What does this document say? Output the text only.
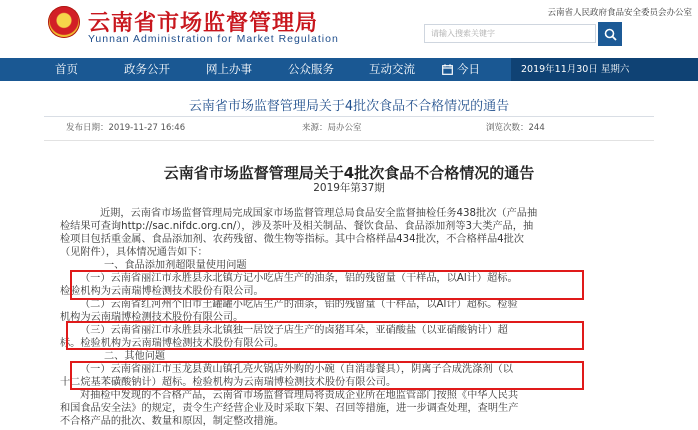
云南省市场监督管理局
Yunnan Administration for Market Regulation
云南省人民政府食品安全委员会办公室
请输入搜索关键字
首页	政务公开	网上办事	公众服务	互动交流	今日	2019年11月30日 星期六
云南省市场监督管理局关于4批次食品不合格情况的通告
发布日期：2019-11-27 16:46	来源：局办公室	浏览次数：244
云南省市场监督管理局关于4批次食品不合格情况的通告
2019年第37期
近期，云南省市场监督管理局完成国家市场监督管理总局食品安全监督抽检任务438批次（产品抽
检结果可查询http://sac.nifdc.org.cn/），涉及茶叶及相关制品、餐饮食品、食品添加剂等3大类产品，抽
检项目包括重金属、食品添加剂、农药残留、微生物等指标。其中合格样品434批次，不合格样品4批次
（见附件），具体情况通告如下：
一、食品添加剂超限量使用问题
（一）云南省丽江市永胜县永北镇方记小吃店生产的油条，铝的残留量（干样品，以Al计）超标。
检验机构为云南瑞博检测技术股份有限公司。
（二）云南省红河州个旧市土罐罐小吃店生产的油条，铝的残留量（干样品，以Al计）超标。检验
机构为云南瑞博检测技术股份有限公司。
（三）云南省丽江市永胜县永北镇独一居饺子店生产的卤猪耳朵，亚硝酸盐（以亚硝酸钠计）超
标。检验机构为云南瑞博检测技术股份有限公司。
二、其他问题
（一）云南省丽江市玉龙县黄山镇孔亮火锅店外购的小碗（自消毒餐具），阴离子合成洗涤剂（以
十二烷基苯磺酸钠计）超标。检验机构为云南瑞博检测技术股份有限公司。
对抽检中发现的不合格产品，云南省市场监督管理局将责成企业所在地监管部门按照《中华人民共
和国食品安全法》的规定，责令生产经营企业及时采取下架、召回等措施，进一步调查处理，查明生产
不合格产品的批次、数量和原因，制定整改措施。
